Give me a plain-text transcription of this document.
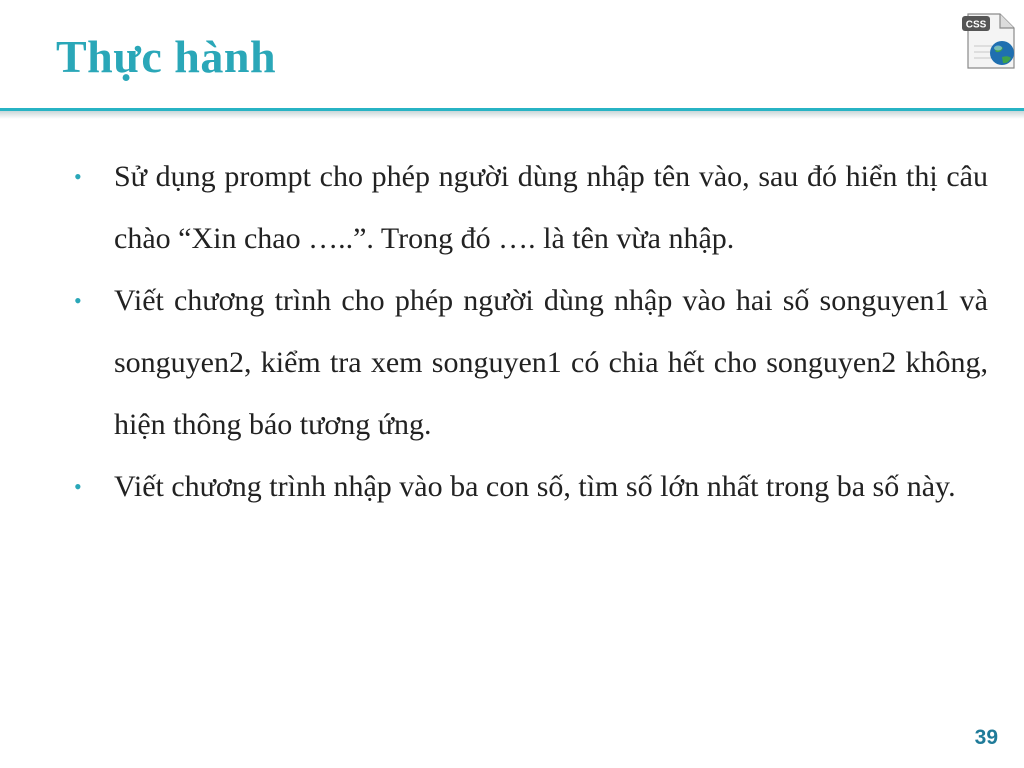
Thực hành
CSS
•	Sử dụng prompt cho phép người dùng nhập tên vào, sau đó hiển thị câu chào “Xin chao …..”. Trong đó …. là tên vừa nhập.
•	Viết chương trình cho phép người dùng nhập vào hai số songuyen1 và songuyen2, kiểm tra xem songuyen1 có chia hết cho songuyen2 không, hiện thông báo tương ứng.
•	Viết chương trình nhập vào ba con số, tìm số lớn nhất trong ba số này.
39
